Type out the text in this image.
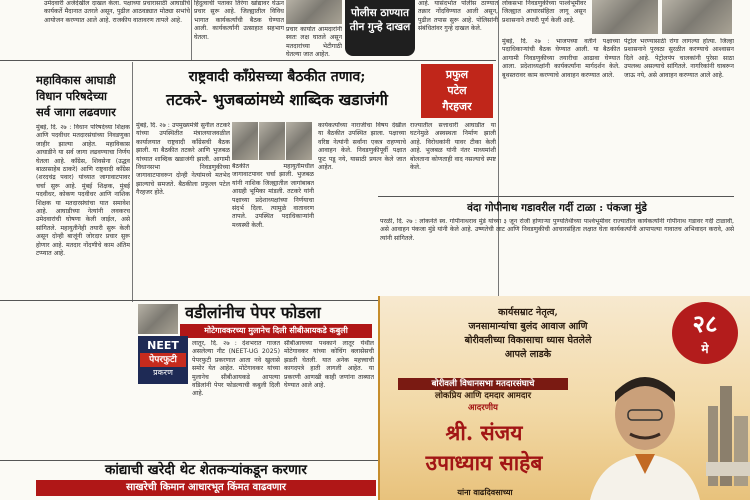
उमेदवारी अर्जदेखील दाखल केला. पक्षाच्या प्रचारासाठी आघाडीचे कार्यकर्ते मैदानात उतरले असून, पुढील आठवड्यात मोठ्या सभांचे आयोजन करण्यात आले आहे. राजकीय वातावरण तापले आहे.
हिंदुत्वाची पताका तिरंगा खांद्यावर घेऊन प्रचार सुरू आहे. जिल्ह्यातील विविध भागात कार्यकर्त्यांची बैठक घेण्यात आली. कार्यकर्त्यांनी उत्साहात सहभाग घेतला.
प्रचार कार्यात आमदारांनी स्वतः लक्ष घातले असून मतदारांच्या भेटीगाठी घेतल्या जात आहेत.
पोलीस ठाण्यात तीन गुन्हे दाखल
आहे. यासंदर्भात पोलीस ठाण्यात तक्रार नोंदविण्यात आली असून, पुढील तपास सुरू आहे. पोलिसांनी संबंधितांवर गुन्हे दाखल केले.
लोकसभा निवडणुकीच्या पार्श्वभूमीवर जिल्ह्यात आचारसंहिता लागू असून प्रशासनाने तयारी पूर्ण केली आहे.
राष्ट्रवादी काँग्रेसच्या बैठकीत तणाव;
तटकरे- भुजबळांमध्ये शाब्दिक खडाजंगी
प्रफुल
पटेल
गैरहजर
मुंबई, दि. २७ : उपमुख्यमंत्री सुनील तटकरे यांच्या उपस्थितीत मंत्रालयाजवळील कार्यालयात राष्ट्रवादी काँग्रेसची बैठक झाली. या बैठकीत तटकरे आणि भुजबळ यांच्यात शाब्दिक खडाजंगी झाली. आगामी विधानसभा निवडणुकीच्या जागावाटपावरून दोन्ही नेत्यांमध्ये मतभेद झाल्याचे समजते. बैठकीला प्रफुल्ल पटेल गैरहजर होते.
बैठकीत महायुतीमधील जागावाटपावर चर्चा झाली. भुजबळ यांनी नाशिक जिल्ह्यातील जागांबाबत आग्रही भूमिका मांडली. तटकरे यांनी पक्षाच्या प्रदेशाध्यक्षांच्या निर्णयाचा संदर्भ दिला. त्यामुळे वातावरण तापले. उपस्थित पदाधिकाऱ्यांनी मध्यस्थी केली.
कार्यकर्त्यांच्या नाराजीचा विषय देखील या बैठकीत उपस्थित झाला. पक्षाच्या वरिष्ठ नेत्यांनी सर्वांना एकत्र राहण्याचे आवाहन केले. निवडणुकीपूर्वी पक्षात फूट पडू नये, यासाठी प्रयत्न केले जात आहेत.
राज्यातील सत्ताधारी आघाडीत या घटनेमुळे अस्वस्थता निर्माण झाली आहे. विरोधकांनी यावर टीका केली आहे. भुजबळ यांनी नंतर माध्यमांशी बोलताना कोणताही वाद नसल्याचे स्पष्ट केले.
महाविकास आघाडी
विधान परिषदेच्या
सर्व जागा लढवणार
मुंबई, दि. २७ : विधान परिषदेच्या शिक्षक आणि पदवीधर मतदारसंघांच्या निवडणुका जाहीर झाल्या आहेत. महाविकास आघाडीने या सर्व जागा लढवण्याचा निर्णय घेतला आहे. काँग्रेस, शिवसेना (उद्धव बाळासाहेब ठाकरे) आणि राष्ट्रवादी काँग्रेस (शरदचंद्र पवार) यांच्यात जागावाटपावर चर्चा सुरू आहे. मुंबई शिक्षक, मुंबई पदवीधर, कोकण पदवीधर आणि नाशिक शिक्षक या मतदारसंघांचा यात समावेश आहे. आघाडीच्या नेत्यांनी लवकरच उमेदवारांची घोषणा केली जाईल, असे सांगितले. महायुतीनेही तयारी सुरू केली असून दोन्ही बाजूंनी जोरदार प्रचार सुरू होणार आहे. मतदार नोंदणीचे काम अंतिम टप्प्यात आहे.
मुंबई, दि. २७ : भाजपच्या वतीने पक्षाच्या पदाधिकाऱ्यांची बैठक घेण्यात आली. या बैठकीत आगामी निवडणुकीच्या तयारीचा आढावा घेण्यात आला. प्रदेशाध्यक्षांनी कार्यकर्त्यांना मार्गदर्शन केले. बूथस्तरावर काम करण्याचे आवाहन करण्यात आले.
पेट्रोल भरण्यासाठी रांगा लागल्या होत्या. जिल्हा प्रशासनाने पुरवठा सुरळीत करण्याचे आश्वासन दिले आहे. पेट्रोलपंप चालकांनी पुरेसा साठा उपलब्ध असल्याचे सांगितले. नागरिकांनी घाबरून जाऊ नये, असे आवाहन करण्यात आले आहे.
वंदा गोपीनाथ गडावरील गर्दी टाळा : पंकजा मुंडे
परळी, दि. २७ : लोकनेते स्व. गोपीनाथराव मुंडे यांच्या ३ जून रोजी होणाऱ्या पुण्यतिथीच्या पार्श्वभूमीवर राज्यातील कार्यकर्त्यांनी गोपीनाथ गडावर गर्दी टाळावी, असे आवाहन पंकजा मुंडे यांनी केले आहे. उष्णतेची लाट आणि निवडणुकीची आचारसंहिता लक्षात घेता कार्यकर्त्यांनी आपापल्या गावातच अभिवादन करावे, असे त्यांनी सांगितले.
वडीलांनीच पेपर फोडला
मोटेगावकरच्या मुलानेच दिली सीबीआयकडे कबुली
NEET
पेपरफुटी
प्रकरण
लातूर, दि. २७ : देशभरात गाजत असलेल्या नीट (NEET-UG 2025) पेपरफुटी प्रकरणात आता नवे खुलासे समोर येत आहेत. मोटेगावकर यांच्या मुलानेच सीबीआयकडे आपल्या वडिलांनी पेपर फोडल्याची कबुली दिली आहे.
सीबीआयच्या पथकाने लातूर येथील मोटेगावकर यांच्या कोचिंग क्लासेसची झडती घेतली. यात अनेक महत्त्वाची कागदपत्रे हाती लागली आहेत. या प्रकरणी आणखी काही जणांना ताब्यात घेण्यात आले आहे.
कांद्याची खरेदी थेट शेतकऱ्यांकडून करणार
साखरेची किमान आधारभूत किंमत वाढवणार
२८
मे
कार्यसम्राट नेतृत्व,
जनसामान्यांचा बुलंद आवाज आणि
बोरीवलीच्या विकासाचा ध्यास घेतलेले
आपले लाडके
बोरीवली विधानसभा मतदारसंघाचे
लोकप्रिय आणि दमदार आमदार
आदरणीय
श्री. संजय
उपाध्याय साहेब
यांना वाढदिवसाच्या
